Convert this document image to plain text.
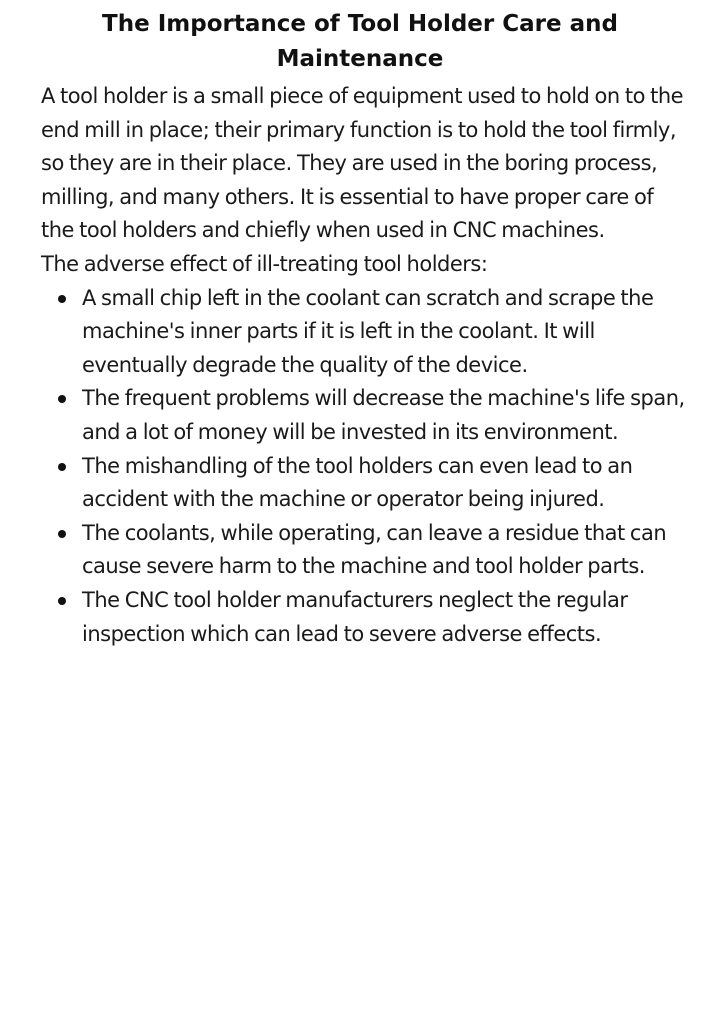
The Importance of Tool Holder Care and Maintenance

A tool holder is a small piece of equipment used to hold on to the end mill in place; their primary function is to hold the tool firmly, so they are in their place. They are used in the boring process, milling, and many others. It is essential to have proper care of the tool holders and chiefly when used in CNC machines.

The adverse effect of ill-treating tool holders:

A small chip left in the coolant can scratch and scrape the machine's inner parts if it is left in the coolant. It will eventually degrade the quality of the device.
The frequent problems will decrease the machine's life span, and a lot of money will be invested in its environment.
The mishandling of the tool holders can even lead to an accident with the machine or operator being injured.
The coolants, while operating, can leave a residue that can cause severe harm to the machine and tool holder parts.
The CNC tool holder manufacturers neglect the regular inspection which can lead to severe adverse effects.
